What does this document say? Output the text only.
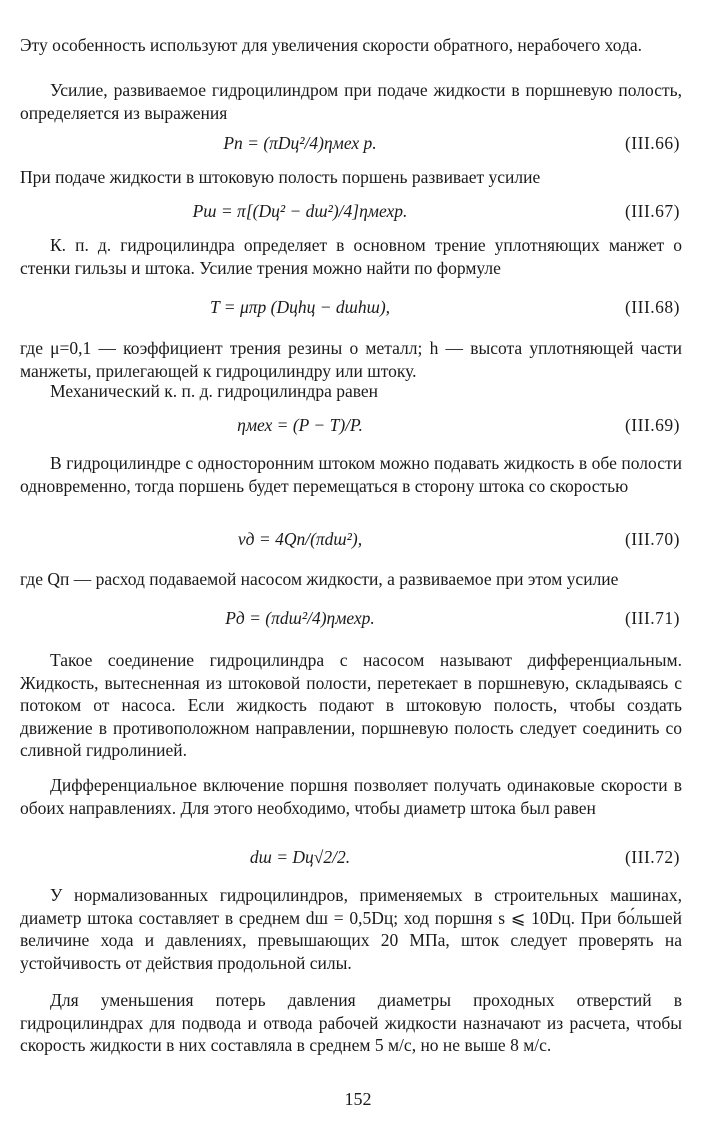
Эту особенность используют для увеличения скорости обратного, нерабочего хода.

Усилие, развиваемое гидроцилиндром при подаче жидкости в поршневую полость, определяется из выражения

Pп = (πDц²/4)ηмех p.	(III.66)

При подаче жидкости в штоковую полость поршень развивает усилие

Pш = π[(Dц² − dш²)/4]ηмехp.	(III.67)

К. п. д. гидроцилиндра определяет в основном трение уплотняющих манжет о стенки гильзы и штока. Усилие трения можно найти по формуле

T = μπp (Dцhц − dшhш),	(III.68)

где μ=0,1 — коэффициент трения резины о металл; h — высота уплотняющей части манжеты, прилегающей к гидроцилиндру или штоку.

Механический к. п. д. гидроцилиндра равен

ηмех = (P − T)/P.	(III.69)

В гидроцилиндре с односторонним штоком можно подавать жидкость в обе полости одновременно, тогда поршень будет перемещаться в сторону штока со скоростью

vд = 4Qп/(πdш²),	(III.70)

где Qп — расход подаваемой насосом жидкости, а развиваемое при этом усилие

Pд = (πdш²/4)ηмехp.	(III.71)

Такое соединение гидроцилиндра с насосом называют дифференциальным. Жидкость, вытесненная из штоковой полости, перетекает в поршневую, складываясь с потоком от насоса. Если жидкость подают в штоковую полость, чтобы создать движение в противоположном направлении, поршневую полость следует соединить со сливной гидролинией.

Дифференциальное включение поршня позволяет получать одинаковые скорости в обоих направлениях. Для этого необходимо, чтобы диаметр штока был равен

dш = Dц√2/2.	(III.72)

У нормализованных гидроцилиндров, применяемых в строительных машинах, диаметр штока составляет в среднем dш = 0,5Dц; ход поршня s ⩽ 10Dц. При бо́льшей величине хода и давлениях, превышающих 20 МПа, шток следует проверять на устойчивость от действия продольной силы.

Для уменьшения потерь давления диаметры проходных отверстий в гидроцилиндрах для подвода и отвода рабочей жидкости назначают из расчета, чтобы скорость жидкости в них составляла в среднем 5 м/с, но не выше 8 м/с.

152
